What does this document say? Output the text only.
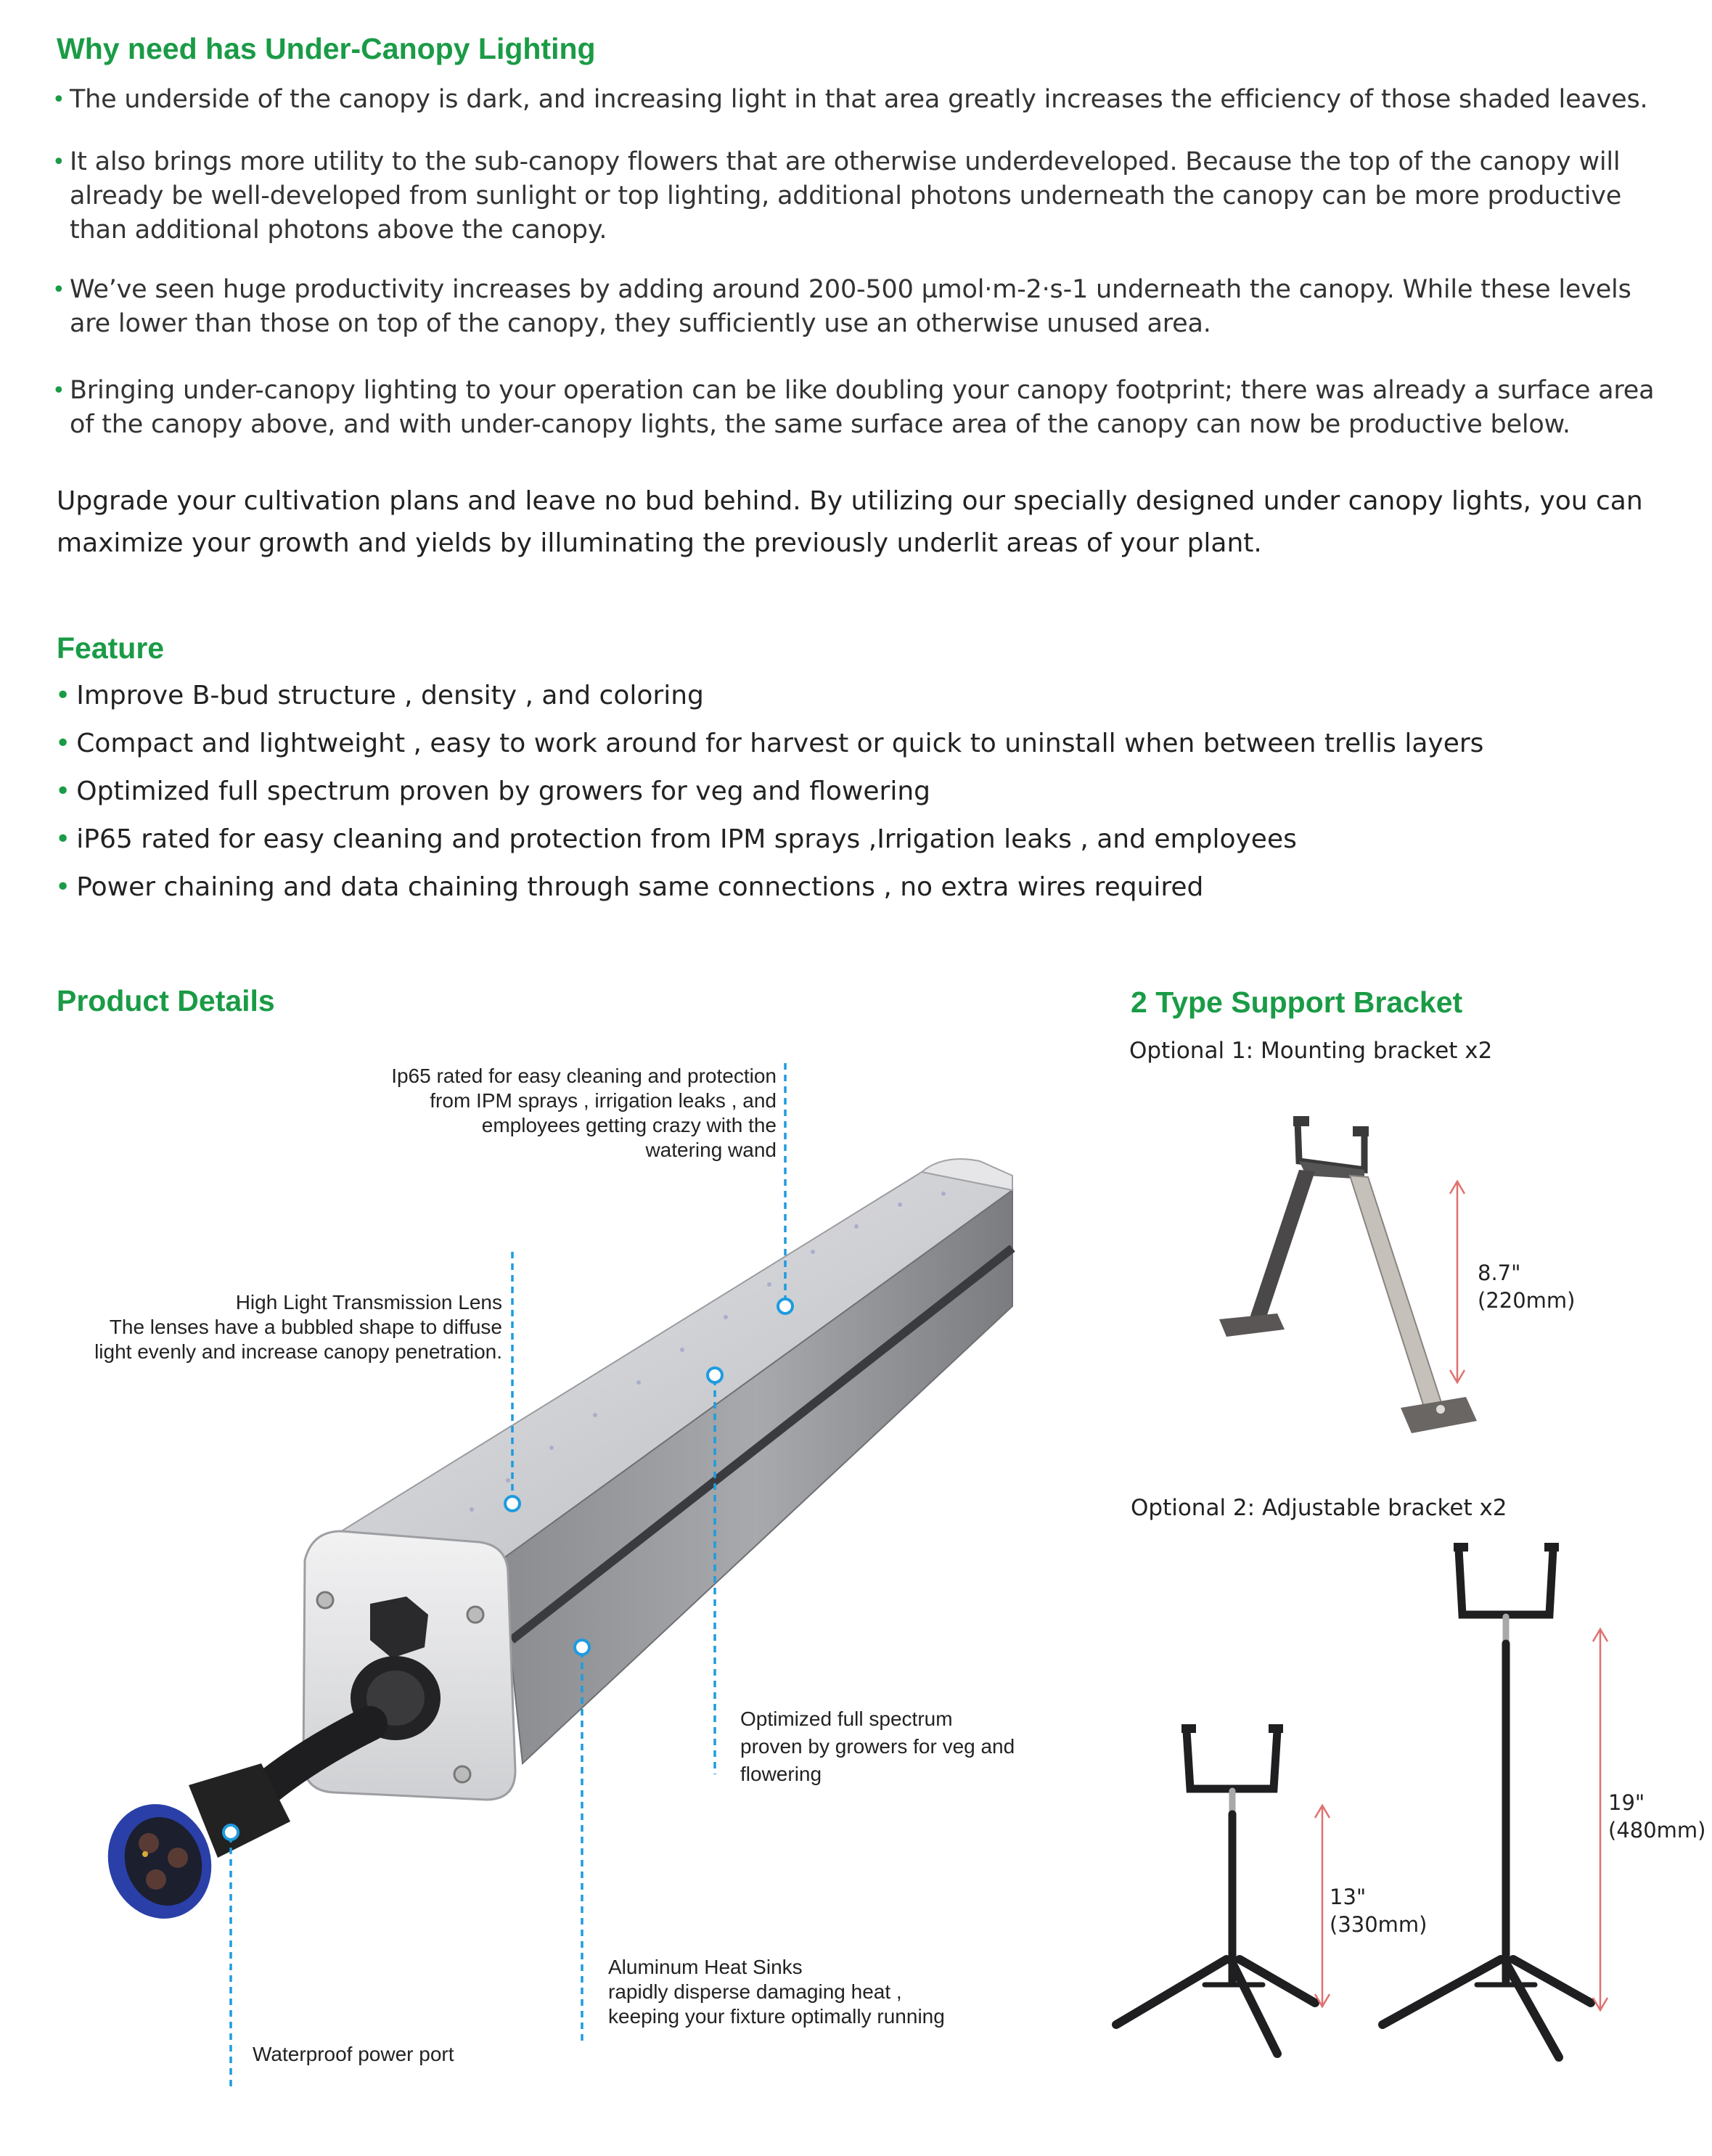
Why need has Under-Canopy Lighting
• The underside of the canopy is dark, and increasing light in that area greatly increases the efficiency of those shaded leaves.
• It also brings more utility to the sub-canopy flowers that are otherwise underdeveloped. Because the top of the canopy will already be well-developed from sunlight or top lighting, additional photons underneath the canopy can be more productive than additional photons above the canopy.
• We’ve seen huge productivity increases by adding around 200-500 µmol·m-2·s-1 underneath the canopy. While these levels are lower than those on top of the canopy, they sufficiently use an otherwise unused area.
• Bringing under-canopy lighting to your operation can be like doubling your canopy footprint; there was already a surface area of the canopy above, and with under-canopy lights, the same surface area of the canopy can now be productive below.

Upgrade your cultivation plans and leave no bud behind. By utilizing our specially designed under canopy lights, you can maximize your growth and yields by illuminating the previously underlit areas of your plant.

Feature

• Improve B-bud structure , density , and coloring

• Compact and lightweight , easy to work around for harvest or quick to uninstall when between trellis layers

• Optimized full spectrum proven by growers for veg and flowering

• iP65 rated for easy cleaning and protection from IPM sprays ,Irrigation leaks , and employees

• Power chaining and data chaining through same connections , no extra wires required

Product Details	2 Type Support Bracket

Ip65 rated for easy cleaning and protection
from IPM sprays , irrigation leaks , and
employees getting crazy with the
watering wand

High Light Transmission Lens
The lenses have a bubbled shape to diffuse
light evenly and increase canopy penetration.

Optimized full spectrum
proven by growers for veg and
flowering

Aluminum Heat Sinks
rapidly disperse damaging heat ,
keeping your fixture optimally running

Waterproof power port

Optional 1: Mounting bracket x2

8.7"
(220mm)

Optional 2: Adjustable bracket x2

13"
(330mm)

19"
(480mm)
